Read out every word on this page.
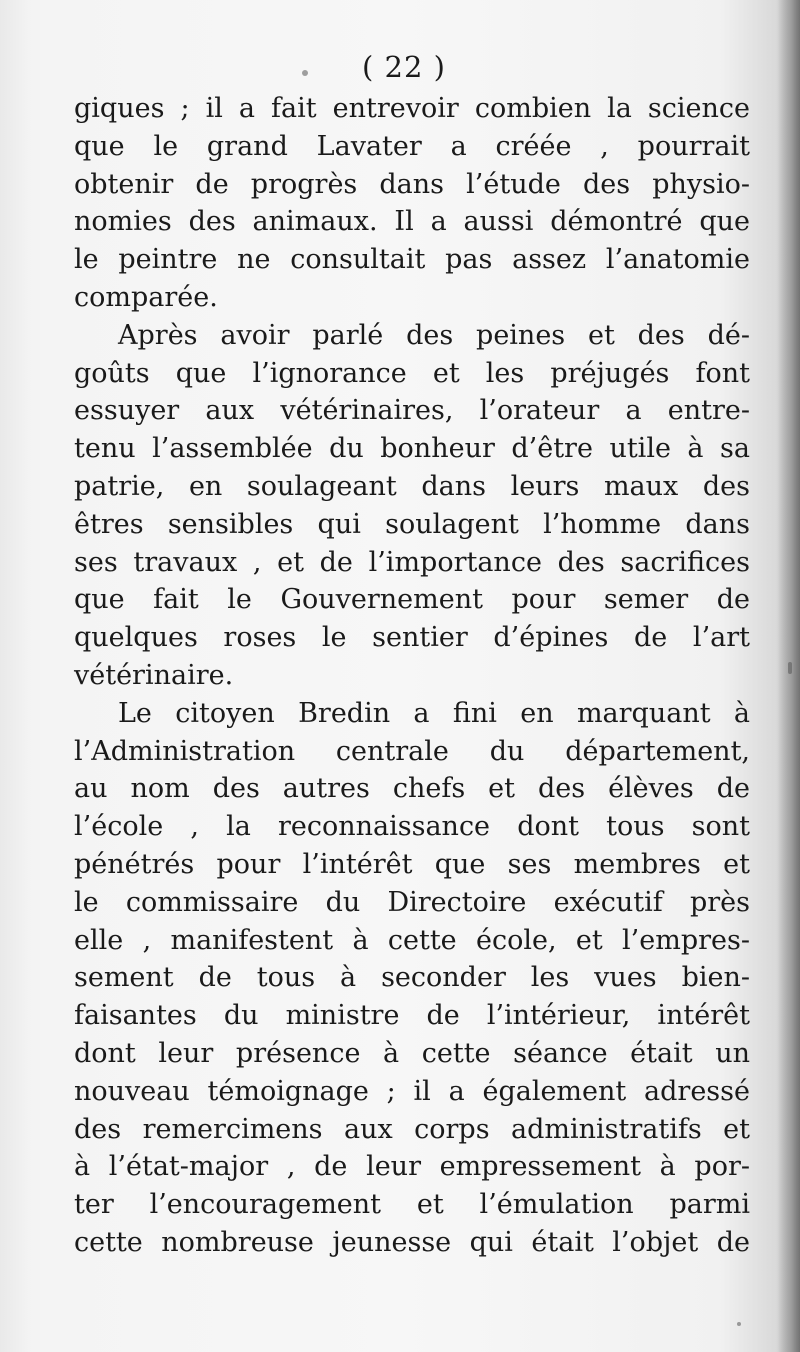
( 22 )
giques ; il a fait entrevoir combien la science
que le grand Lavater a créée , pourrait
obtenir de progrès dans l’étude des physio-
nomies des animaux. Il a aussi démontré que
le peintre ne consultait pas assez l’anatomie
comparée.
Après avoir parlé des peines et des dé-
goûts que l’ignorance et les préjugés font
essuyer aux vétérinaires, l’orateur a entre-
tenu l’assemblée du bonheur d’être utile à sa
patrie, en soulageant dans leurs maux des
êtres sensibles qui soulagent l’homme dans
ses travaux , et de l’importance des sacrifices
que fait le Gouvernement pour semer de
quelques roses le sentier d’épines de l’art
vétérinaire.
Le citoyen Bredin a fini en marquant à
l’Administration centrale du département,
au nom des autres chefs et des élèves de
l’école , la reconnaissance dont tous sont
pénétrés pour l’intérêt que ses membres et
le commissaire du Directoire exécutif près
elle , manifestent à cette école, et l’empres-
sement de tous à seconder les vues bien-
faisantes du ministre de l’intérieur, intérêt
dont leur présence à cette séance était un
nouveau témoignage ; il a également adressé
des remercimens aux corps administratifs et
à l’état-major , de leur empressement à por-
ter l’encouragement et l’émulation parmi
cette nombreuse jeunesse qui était l’objet de
